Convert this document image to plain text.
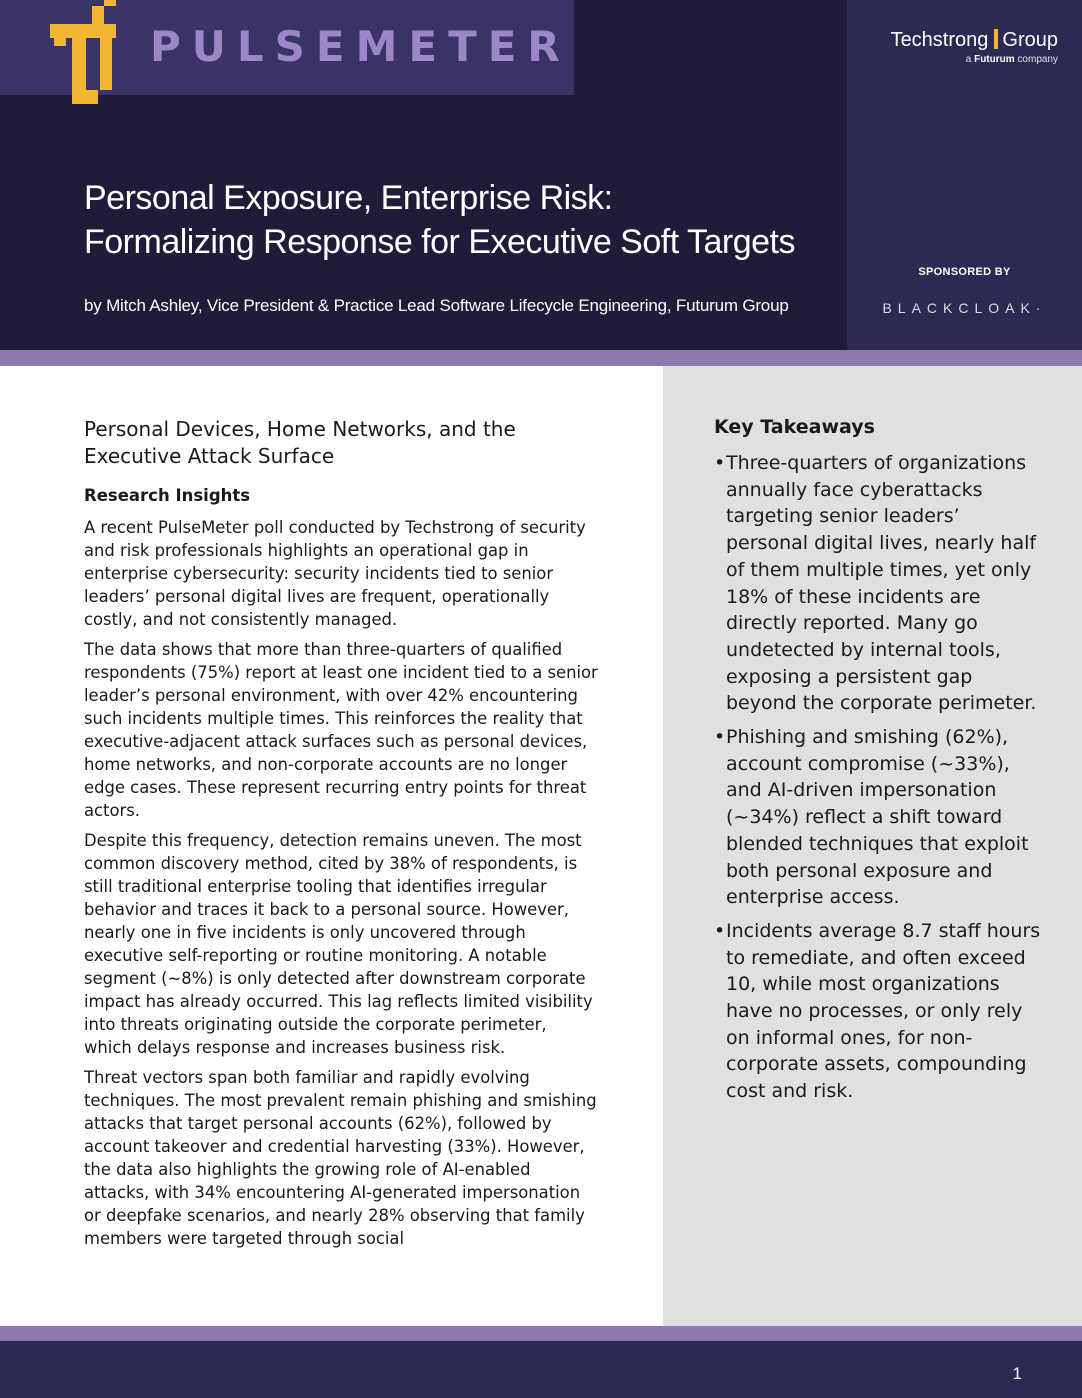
PULSEMETER	Techstrong Group
a Futurum company
SPONSORED BY
BLACKCLOAK·
Personal Exposure, Enterprise Risk:
Formalizing Response for Executive Soft Targets
by Mitch Ashley, Vice President & Practice Lead Software Lifecycle Engineering, Futurum Group
Personal Devices, Home Networks, and the Executive Attack Surface
Research Insights

A recent PulseMeter poll conducted by Techstrong of security and risk professionals highlights an operational gap in enterprise cybersecurity: security incidents tied to senior leaders’ personal digital lives are frequent, operationally costly, and not consistently managed.

The data shows that more than three-quarters of qualified respondents (75%) report at least one incident tied to a senior leader’s personal environment, with over 42% encountering such incidents multiple times. This reinforces the reality that executive-adjacent attack surfaces such as personal devices, home networks, and non-corporate accounts are no longer edge cases. These represent recurring entry points for threat actors.

Despite this frequency, detection remains uneven. The most common discovery method, cited by 38% of respondents, is still traditional enterprise tooling that identifies irregular behavior and traces it back to a personal source. However, nearly one in five incidents is only uncovered through executive self-reporting or routine monitoring. A notable segment (~8%) is only detected after downstream corporate impact has already occurred. This lag reflects limited visibility into threats originating outside the corporate perimeter, which delays response and increases business risk.

Threat vectors span both familiar and rapidly evolving techniques. The most prevalent remain phishing and smishing attacks that target personal accounts (62%), followed by account takeover and credential harvesting (33%). However, the data also highlights the growing role of AI-enabled attacks, with 34% encountering AI-generated impersonation or deepfake scenarios, and nearly 28% observing that family members were targeted through social

Key Takeaways
• Three-quarters of organizations annually face cyberattacks targeting senior leaders’ personal digital lives, nearly half of them multiple times, yet only 18% of these incidents are directly reported. Many go undetected by internal tools, exposing a persistent gap beyond the corporate perimeter.
• Phishing and smishing (62%), account compromise (~33%), and AI-driven impersonation (~34%) reflect a shift toward blended techniques that exploit both personal exposure and enterprise access.
• Incidents average 8.7 staff hours to remediate, and often exceed 10, while most organizations have no processes, or only rely on informal ones, for non-corporate assets, compounding cost and risk.
1
